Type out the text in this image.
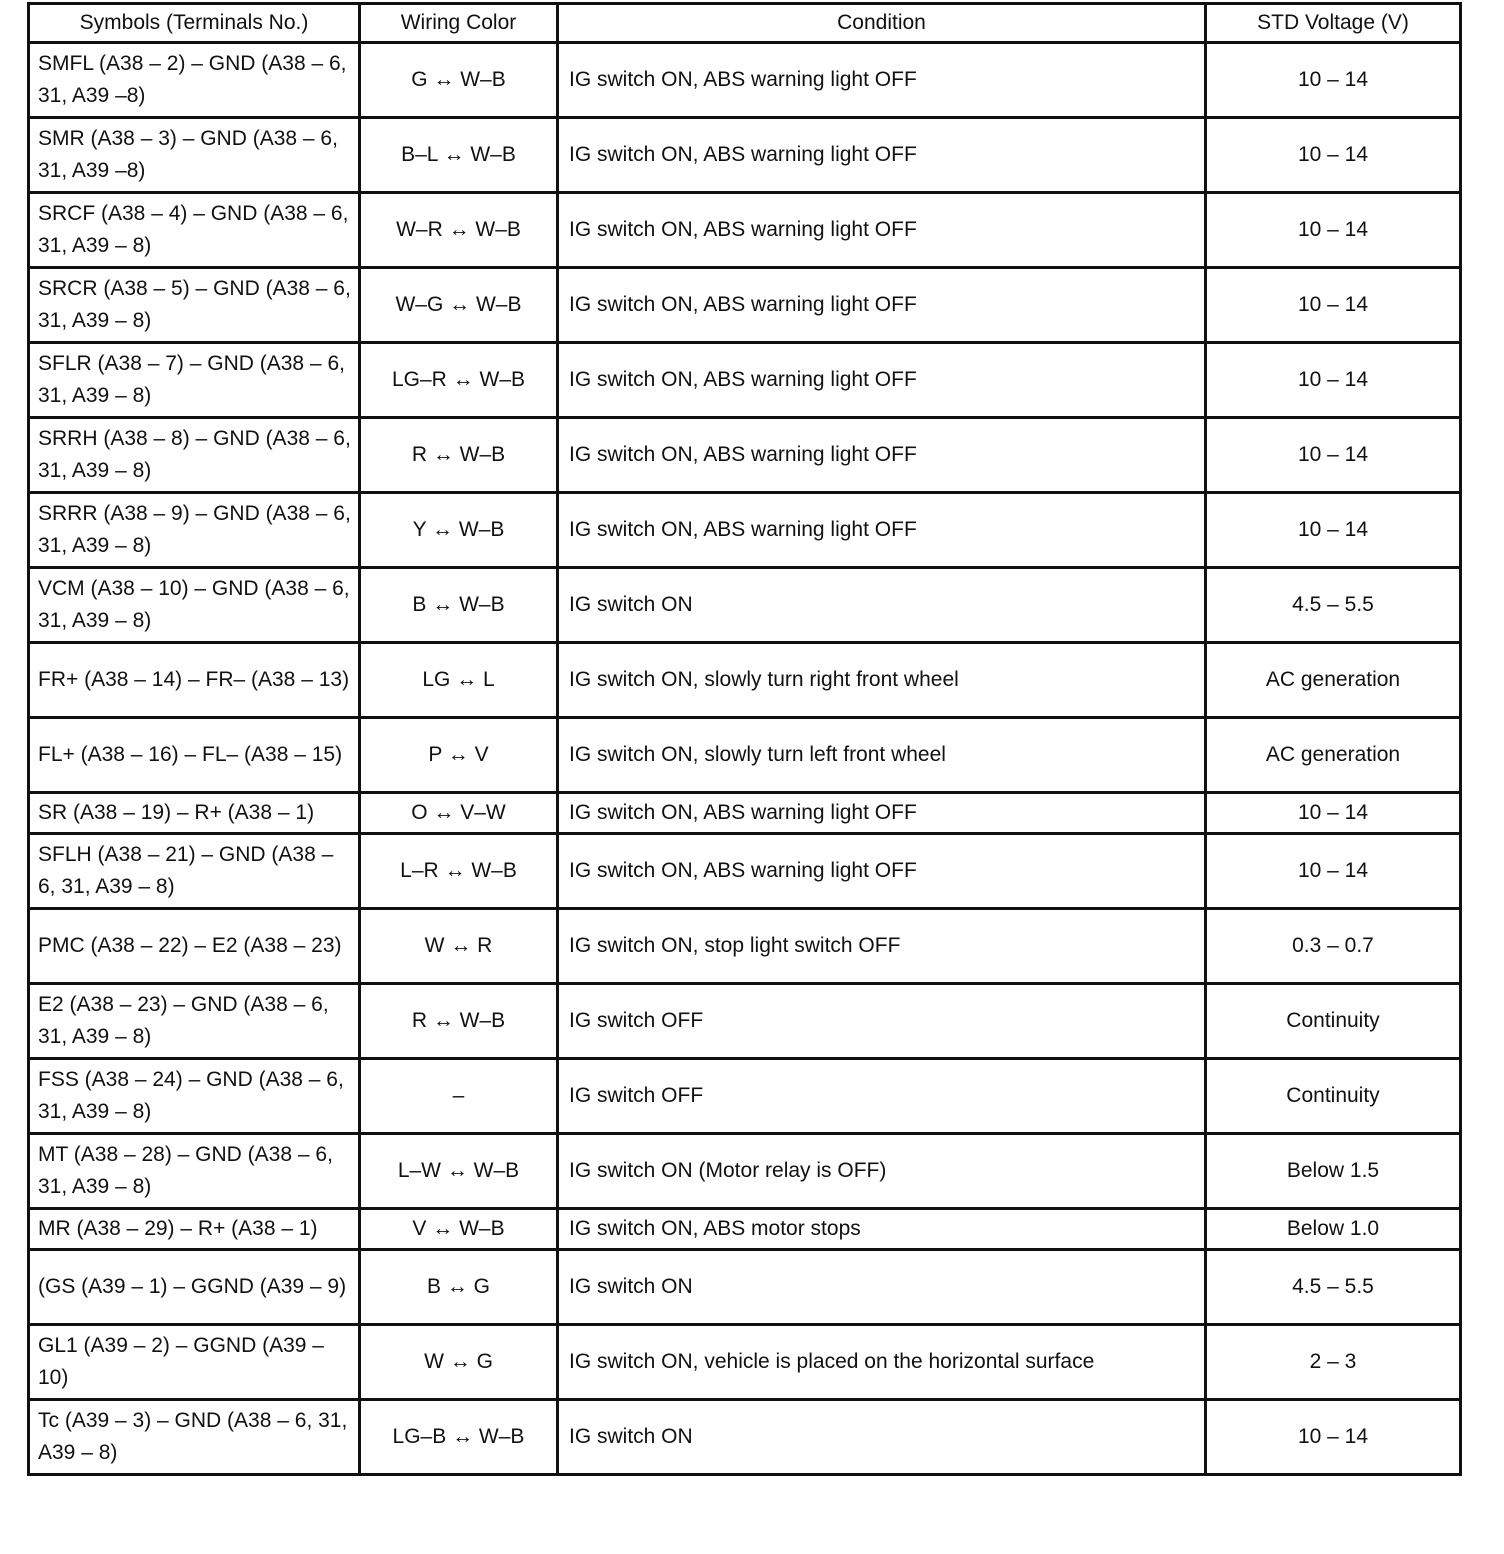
Symbols (Terminals No.)	Wiring Color	Condition	STD Voltage (V)
SMFL (A38 – 2) – GND (A38 – 6, 31, A39 –8)	G ↔ W–B	IG switch ON, ABS warning light OFF	10 – 14
SMR (A38 – 3) – GND (A38 – 6, 31, A39 –8)	B–L ↔ W–B	IG switch ON, ABS warning light OFF	10 – 14
SRCF (A38 – 4) – GND (A38 – 6, 31, A39 – 8)	W–R ↔ W–B	IG switch ON, ABS warning light OFF	10 – 14
SRCR (A38 – 5) – GND (A38 – 6, 31, A39 – 8)	W–G ↔ W–B	IG switch ON, ABS warning light OFF	10 – 14
SFLR (A38 – 7) – GND (A38 – 6, 31, A39 – 8)	LG–R ↔ W–B	IG switch ON, ABS warning light OFF	10 – 14
SRRH (A38 – 8) – GND (A38 – 6, 31, A39 – 8)	R ↔ W–B	IG switch ON, ABS warning light OFF	10 – 14
SRRR (A38 – 9) – GND (A38 – 6, 31, A39 – 8)	Y ↔ W–B	IG switch ON, ABS warning light OFF	10 – 14
VCM (A38 – 10) – GND (A38 – 6, 31, A39 – 8)	B ↔ W–B	IG switch ON	4.5 – 5.5
FR+ (A38 – 14) – FR– (A38 – 13)	LG ↔ L	IG switch ON, slowly turn right front wheel	AC generation
FL+ (A38 – 16) – FL– (A38 – 15)	P ↔ V	IG switch ON, slowly turn left front wheel	AC generation
SR (A38 – 19) – R+ (A38 – 1)	O ↔ V–W	IG switch ON, ABS warning light OFF	10 – 14
SFLH (A38 – 21) – GND (A38 – 6, 31, A39 – 8)	L–R ↔ W–B	IG switch ON, ABS warning light OFF	10 – 14
PMC (A38 – 22) – E2 (A38 – 23)	W ↔ R	IG switch ON, stop light switch OFF	0.3 – 0.7
E2 (A38 – 23) – GND (A38 – 6, 31, A39 – 8)	R ↔ W–B	IG switch OFF	Continuity
FSS (A38 – 24) – GND (A38 – 6, 31, A39 – 8)	–	IG switch OFF	Continuity
MT (A38 – 28) – GND (A38 – 6, 31, A39 – 8)	L–W ↔ W–B	IG switch ON (Motor relay is OFF)	Below 1.5
MR (A38 – 29) – R+ (A38 – 1)	V ↔ W–B	IG switch ON, ABS motor stops	Below 1.0
(GS (A39 – 1) – GGND (A39 – 9)	B ↔ G	IG switch ON	4.5 – 5.5
GL1 (A39 – 2) – GGND (A39 – 10)	W ↔ G	IG switch ON, vehicle is placed on the horizontal surface	2 – 3
Tc (A39 – 3) – GND (A38 – 6, 31, A39 – 8)	LG–B ↔ W–B	IG switch ON	10 – 14
